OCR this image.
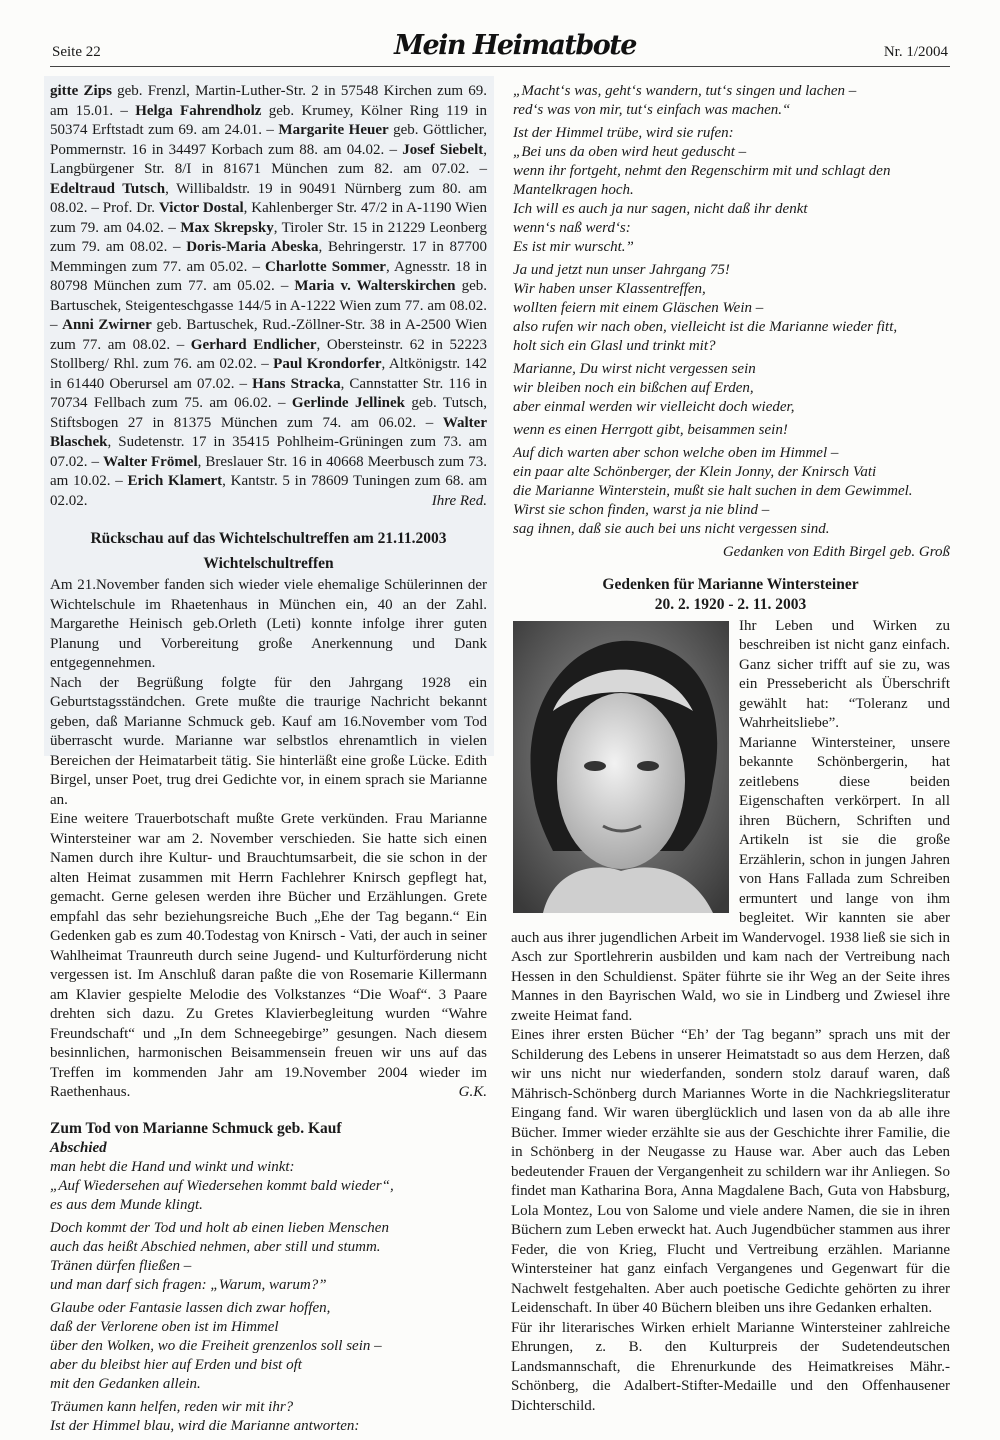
Seite 22	Mein Heimatbote	Nr. 1/2004

gitte Zips geb. Frenzl, Martin-Luther-Str. 2 in 57548 Kirchen zum 69. am 15.01. – Helga Fahrendholz geb. Krumey, Kölner Ring 119 in 50374 Erftstadt zum 69. am 24.01. – Margarite Heuer geb. Göttlicher, Pommernstr. 16 in 34497 Korbach zum 88. am 04.02. – Josef Siebelt, Langbürgener Str. 8/I in 81671 München zum 82. am 07.02. – Edeltraud Tutsch, Willibaldstr. 19 in 90491 Nürnberg zum 80. am 08.02. – Prof. Dr. Victor Dostal, Kahlenberger Str. 47/2 in A-1190 Wien zum 79. am 04.02. – Max Skrepsky, Tiroler Str. 15 in 21229 Leonberg zum 79. am 08.02. – Doris-Maria Abeska, Behringerstr. 17 in 87700 Memmingen zum 77. am 05.02. – Charlotte Sommer, Agnesstr. 18 in 80798 München zum 77. am 05.02. – Maria v. Walterskirchen geb. Bartuschek, Steigenteschgasse 144/5 in A-1222 Wien zum 77. am 08.02. – Anni Zwirner geb. Bartuschek, Rud.-Zöllner-Str. 38 in A-2500 Wien zum 77. am 08.02. – Gerhard Endlicher, Obersteinstr. 62 in 52223 Stollberg/ Rhl. zum 76. am 02.02. – Paul Krondorfer, Altkönigstr. 142 in 61440 Oberursel am 07.02. – Hans Stracka, Cannstatter Str. 116 in 70734 Fellbach zum 75. am 06.02. – Gerlinde Jellinek geb. Tutsch, Stiftsbogen 27 in 81375 München zum 74. am 06.02. – Walter Blaschek, Sudetenstr. 17 in 35415 Pohlheim-Grüningen zum 73. am 07.02. – Walter Frömel, Breslauer Str. 16 in 40668 Meerbusch zum 73. am 10.02. – Erich Klamert, Kantstr. 5 in 78609 Tuningen zum 68. am 02.02.	Ihre Red.
Rückschau auf das Wichtelschultreffen am 21.11.2003
Wichtelschultreffen

Am 21.November fanden sich wieder viele ehemalige Schülerinnen der Wichtelschule im Rhaetenhaus in München ein, 40 an der Zahl. Margarethe Heinisch geb.Orleth (Leti) konnte infolge ihrer guten Planung und Vorbereitung große Anerkennung und Dank entgegennehmen.

Nach der Begrüßung folgte für den Jahrgang 1928 ein Geburtstagsständchen. Grete mußte die traurige Nachricht bekannt geben, daß Marianne Schmuck geb. Kauf am 16.November vom Tod überrascht wurde. Marianne war selbstlos ehrenamtlich in vielen Bereichen der Heimatarbeit tätig. Sie hinterläßt eine große Lücke. Edith Birgel, unser Poet, trug drei Gedichte vor, in einem sprach sie Marianne an.

Eine weitere Trauerbotschaft mußte Grete verkünden. Frau Marianne Wintersteiner war am 2. November verschieden. Sie hatte sich einen Namen durch ihre Kultur- und Brauchtumsarbeit, die sie schon in der alten Heimat zusammen mit Herrn Fachlehrer Knirsch gepflegt hat, gemacht. Gerne gelesen werden ihre Bücher und Erzählungen. Grete empfahl das sehr beziehungsreiche Buch „Ehe der Tag begann.“ Ein Gedenken gab es zum 40.Todestag von Knirsch - Vati, der auch in seiner Wahlheimat Traunreuth durch seine Jugend- und Kulturförderung nicht vergessen ist. Im Anschluß daran paßte die von Rosemarie Killermann am Klavier gespielte Melodie des Volkstanzes “Die Woaf“. 3 Paare drehten sich dazu. Zu Gretes Klavierbegleitung wurden “Wahre Freundschaft“ und „In dem Schneegebirge” gesungen. Nach diesem besinnlichen, harmonischen Beisammensein freuen wir uns auf das Treffen im kommenden Jahr am 19.November 2004 wieder im Raethenhaus.	G.K.
Zum Tod von Marianne Schmuck geb. Kauf
Abschied
man hebt die Hand und winkt und winkt:
„Auf Wiedersehen auf Wiedersehen kommt bald wieder“,
es aus dem Munde klingt.
Doch kommt der Tod und holt ab einen lieben Menschen
auch das heißt Abschied nehmen, aber still und stumm.
Tränen dürfen fließen –
und man darf sich fragen: „Warum, warum?”
Glaube oder Fantasie lassen dich zwar hoffen,
daß der Verlorene oben ist im Himmel
über den Wolken, wo die Freiheit grenzenlos soll sein –
aber du bleibst hier auf Erden und bist oft
mit den Gedanken allein.
Träumen kann helfen, reden wir mit ihr?
Ist der Himmel blau, wird die Marianne antworten:
„Macht‘s was, geht‘s wandern, tut‘s singen und lachen –
red‘s was von mir, tut‘s einfach was machen.“
Ist der Himmel trübe, wird sie rufen:
„Bei uns da oben wird heut geduscht –
wenn ihr fortgeht, nehmt den Regenschirm mit und schlagt den
Mantelkragen hoch.
Ich will es auch ja nur sagen, nicht daß ihr denkt
wenn‘s naß werd‘s:
Es ist mir wurscht.”
Ja und jetzt nun unser Jahrgang 75!
Wir haben unser Klassentreffen,
wollten feiern mit einem Gläschen Wein –
also rufen wir nach oben, vielleicht ist die Marianne wieder fitt,
holt sich ein Glasl und trinkt mit?
Marianne, Du wirst nicht vergessen sein
wir bleiben noch ein bißchen auf Erden,
aber einmal werden wir vielleicht doch wieder,
wenn es einen Herrgott gibt, beisammen sein!
Auf dich warten aber schon welche oben im Himmel –
ein paar alte Schönberger, der Klein Jonny, der Knirsch Vati
die Marianne Winterstein, mußt sie halt suchen in dem Gewimmel.
Wirst sie schon finden, warst ja nie blind –
sag ihnen, daß sie auch bei uns nicht vergessen sind.
Gedanken von Edith Birgel geb. Groß
Gedenken für Marianne Wintersteiner
20. 2. 1920 - 2. 11. 2003

Ihr Leben und Wirken zu beschreiben ist nicht ganz einfach. Ganz sicher trifft auf sie zu, was ein Pressebericht als Überschrift gewählt hat: “Toleranz und Wahrheitsliebe”.

Marianne Wintersteiner, unsere bekannte Schönbergerin, hat zeitlebens diese beiden Eigenschaften verkörpert. In all ihren Büchern, Schriften und Artikeln ist sie die große Erzählerin, schon in jungen Jahren von Hans Fallada zum Schreiben ermuntert und lange von ihm begleitet. Wir kannten sie aber auch aus ihrer jugendlichen Arbeit im Wandervogel. 1938 ließ sie sich in Asch zur Sportlehrerin ausbilden und kam nach der Vertreibung nach Hessen in den Schuldienst. Später führte sie ihr Weg an der Seite ihres Mannes in den Bayrischen Wald, wo sie in Lindberg und Zwiesel ihre zweite Heimat fand.

Eines ihrer ersten Bücher “Eh’ der Tag begann” sprach uns mit der Schilderung des Lebens in unserer Heimatstadt so aus dem Herzen, daß wir uns nicht nur wiederfanden, sondern stolz darauf waren, daß Mährisch-Schönberg durch Mariannes Worte in die Nachkriegsliteratur Eingang fand. Wir waren überglücklich und lasen von da ab alle ihre Bücher. Immer wieder erzählte sie aus der Geschichte ihrer Familie, die in Schönberg in der Neugasse zu Hause war. Aber auch das Leben bedeutender Frauen der Vergangenheit zu schildern war ihr Anliegen. So findet man Katharina Bora, Anna Magdalene Bach, Guta von Habsburg, Lola Montez, Lou von Salome und viele andere Namen, die sie in ihren Büchern zum Leben erweckt hat. Auch Jugendbücher stammen aus ihrer Feder, die von Krieg, Flucht und Vertreibung erzählen. Marianne Wintersteiner hat ganz einfach Vergangenes und Gegenwart für die Nachwelt festgehalten. Aber auch poetische Gedichte gehörten zu ihrer Leidenschaft. In über 40 Büchern bleiben uns ihre Gedanken erhalten.

Für ihr literarisches Wirken erhielt Marianne Wintersteiner zahlreiche Ehrungen, z. B. den Kulturpreis der Sudetendeutschen Landsmannschaft, die Ehrenurkunde des Heimatkreises Mähr.-Schönberg, die Adalbert-Stifter-Medaille und den Offenhausener Dichterschild.
